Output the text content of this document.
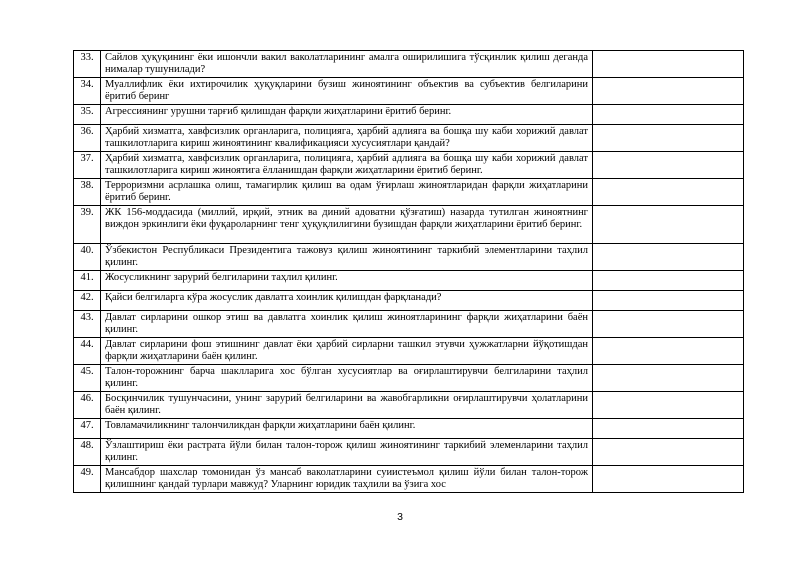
33.	Сайлов ҳуқуқининг ёки ишончли вакил ваколатларининг амалга оширилишига тўсқинлик қилиш деганда нималар тушунилади?	
34.	Муаллифлик ёки ихтирочилик ҳуқуқларини бузиш жиноятининг объектив ва субъектив белгиларини ёритиб беринг	
35.	Агрессиянинг урушни тарғиб қилишдан фарқли жиҳатларини ёритиб беринг.	
36.	Ҳарбий хизматга, хавфсизлик органларига, полицияга, ҳарбий адлияга ва бошқа шу каби хорижий давлат ташкилотларига кириш жиноятининг квалификацияси хусусиятлари қандай?	
37.	Ҳарбий хизматга, хавфсизлик органларига, полицияга, ҳарбий адлияга ва бошқа шу каби хорижий давлат ташкилотларига кириш жиноятига ёлланишдан фарқли жиҳатларини ёритиб беринг.	
38.	Терроризмни асрлашка олиш, тамагирлик қилиш ва одам ўғирлаш жиноятларидан фарқли жиҳатларини ёритиб беринг.	
39.	ЖК 156-моддасида (миллий, ирқий, этник ва диний адоватни қўзғатиш) назарда тутилган жиноятнинг виждон эркинлиги ёки фуқароларнинг тенг ҳуқуқлилигини бузишдан фарқли жиҳатларини ёритиб беринг.	
40.	Ўзбекистон Республикаси Президентига тажовуз қилиш жиноятининг таркибий элементларини таҳлил қилинг.	
41.	Жосусликнинг зарурий белгиларини таҳлил қилинг.	
42.	Қайси белгиларга кўра жосуслик давлатга хоинлик қилишдан фарқланади?	
43.	Давлат сирларини ошкор этиш ва давлатга хоинлик қилиш жиноятларининг фарқли жиҳатларини баён қилинг.	
44.	Давлат сирларини фош этишнинг давлат ёки ҳарбий сирларни ташкил этувчи ҳужжатларни йўқотишдан фарқли жиҳатларини баён қилинг.	
45.	Талон-торожнинг барча шаклларига хос бўлган хусусиятлар ва оғирлаштирувчи белгиларини таҳлил қилинг.	
46.	Босқинчилик тушунчасини, унинг зарурий белгиларини ва жавобгарликни оғирлаштирувчи ҳолатларини баён қилинг.	
47.	Товламачиликнинг талончиликдан фарқли жиҳатларини баён қилинг.	
48.	Ўзлаштириш ёки растрата йўли билан талон-торож қилиш жиноятининг таркибий элеменларини таҳлил қилинг.	
49.	Мансабдор шахслар томонидан ўз мансаб ваколатларини суиистеъмол қилиш йўли билан талон-торож қилишнинг қандай турлари мавжуд? Уларнинг юридик таҳлили ва ўзига хос	
3
